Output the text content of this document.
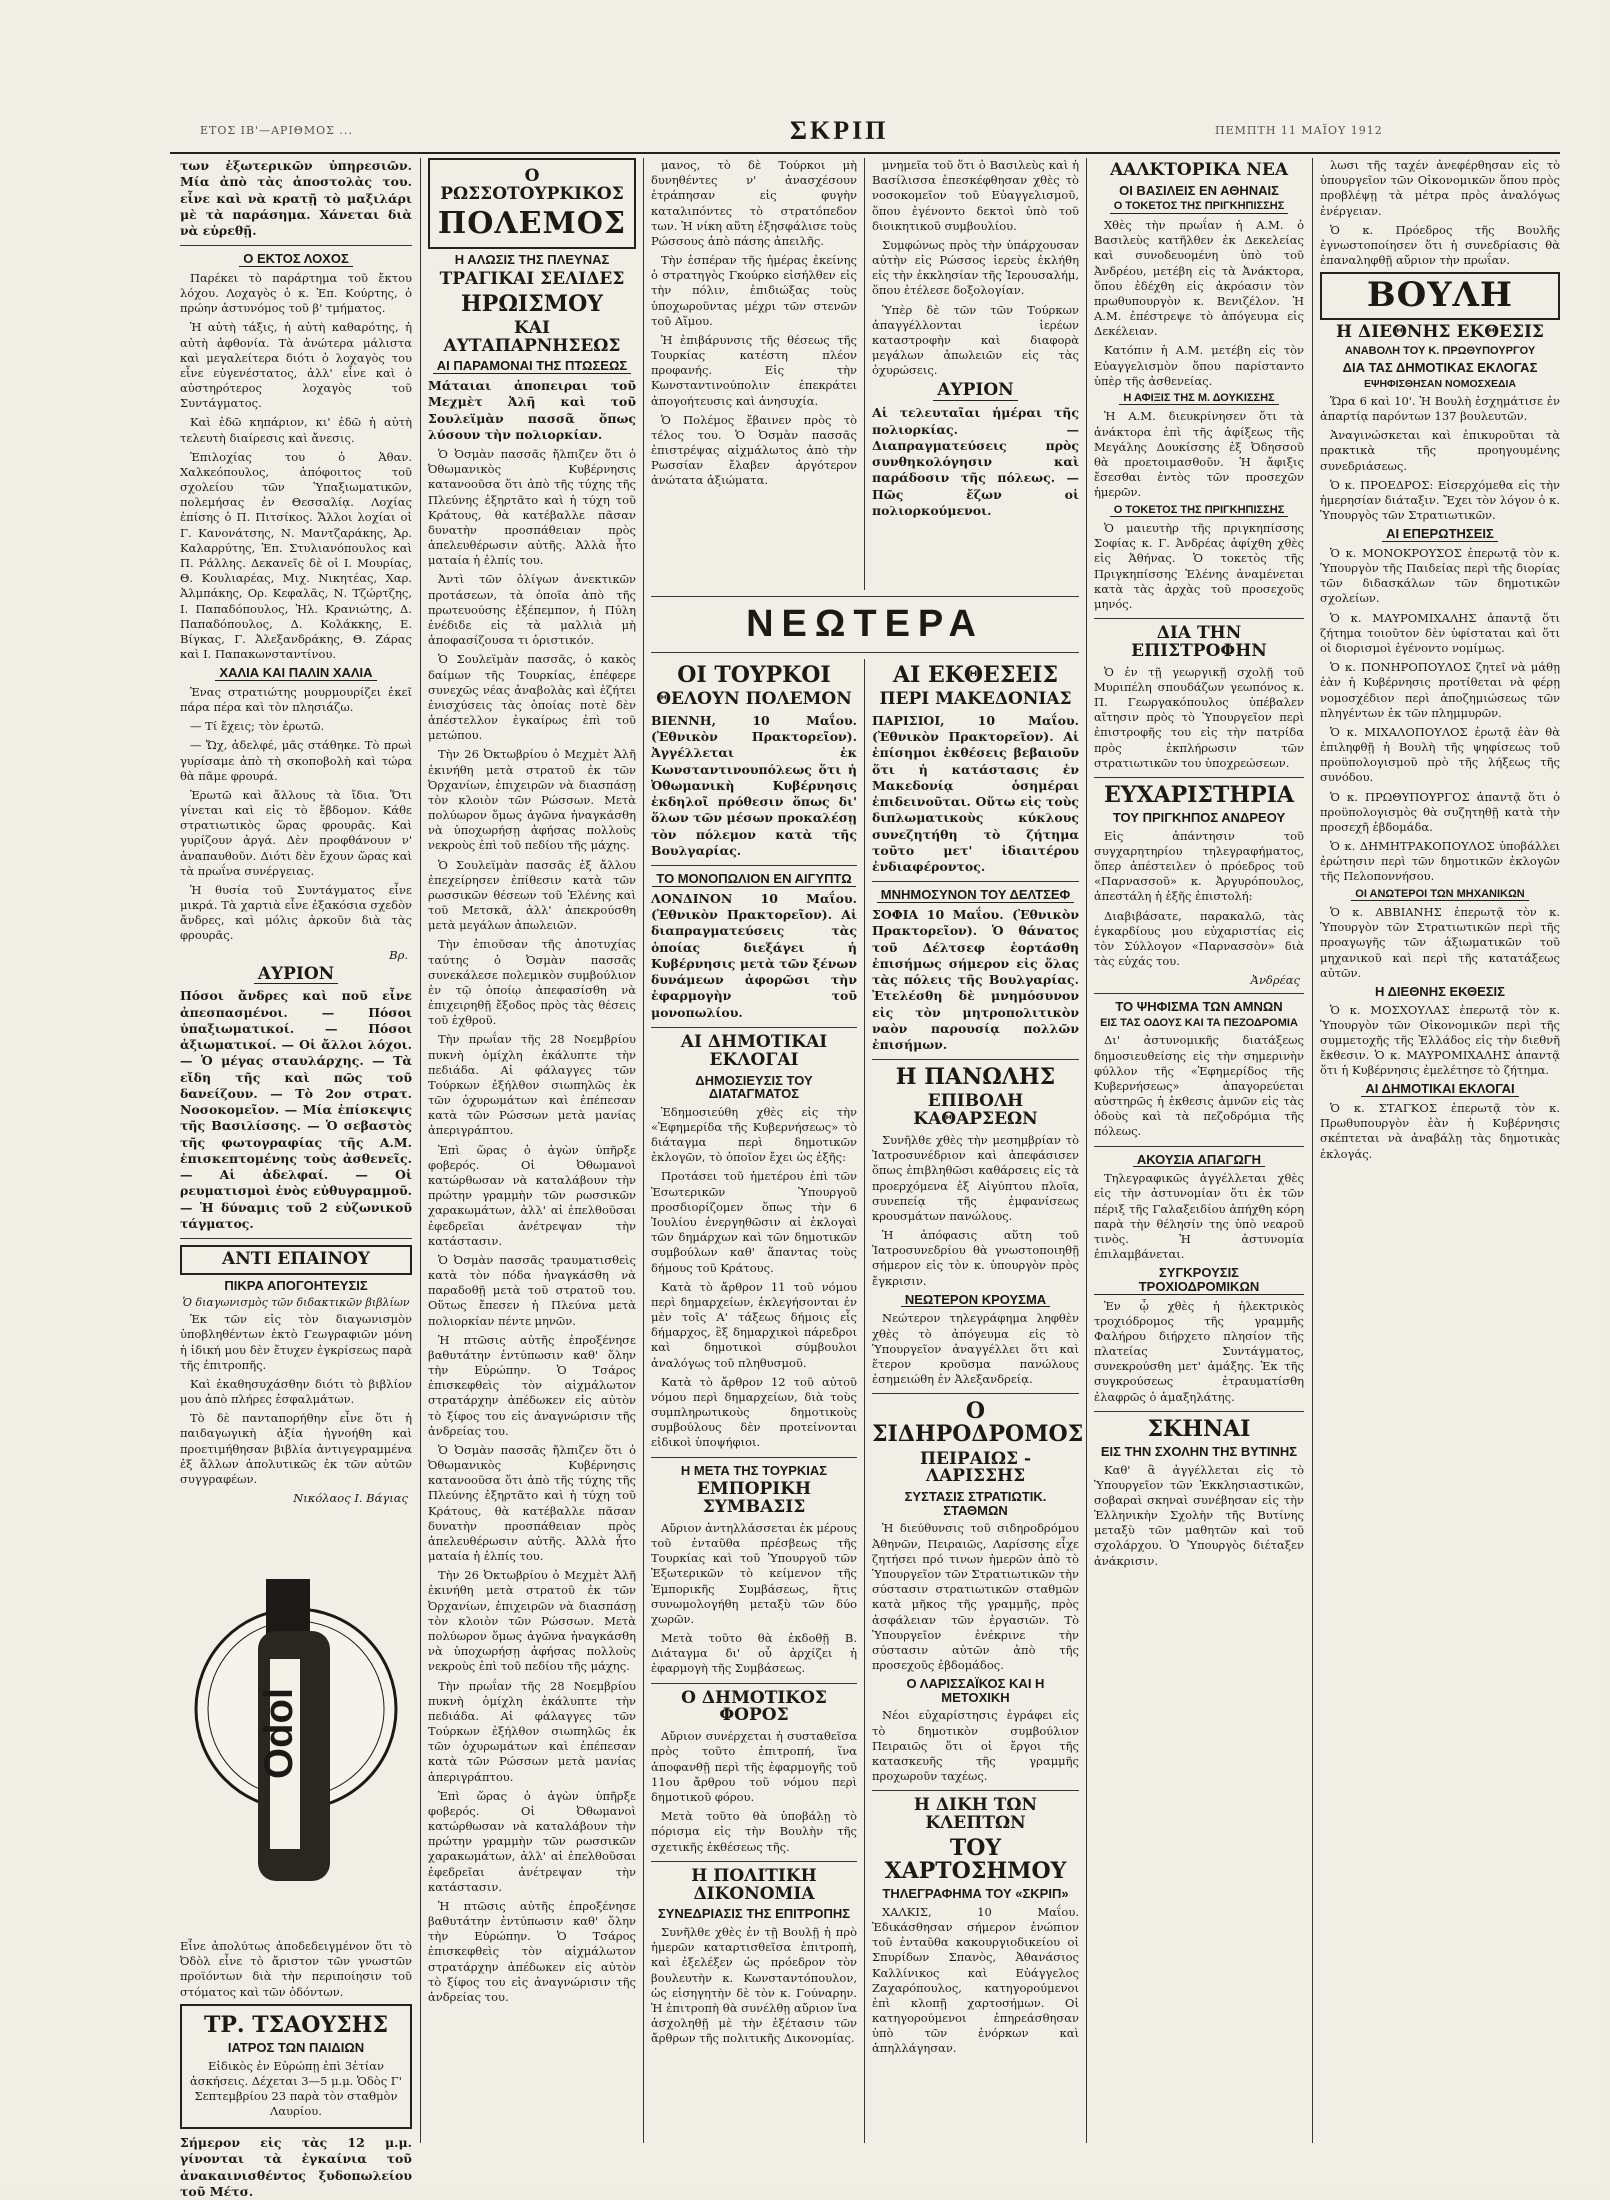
ΕΤΟΣ ΙΒ'—ΑΡΙΘΜΟΣ ...	ΣΚΡΙΠ	ΠΕΜΠΤΗ 11 ΜΑΪΟΥ 1912

των ἐξωτερικῶν ὑπηρεσιῶν. Μία ἀπὸ τὰς ἀποστολὰς του. εἶνε καὶ νὰ κρατῇ τὸ μαξιλάρι μὲ τὰ παράσημα. Χάνεται διὰ νὰ εὑρεθῇ.

Ο ΕΚΤΟΣ ΛΟΧΟΣ

Παρέκει τὸ παράρτημα τοῦ ἔκτου λόχου. Λοχαγὸς ὁ κ. Ἐπ. Κούρτης, ὁ πρώην ἀστυνόμος τοῦ β' τμήματος.

Ἡ αὐτὴ τάξις, ἡ αὐτὴ καθαρότης, ἡ αὐτὴ ἀφθονία. Τὰ ἀνώτερα μάλιστα καὶ μεγαλείτερα διότι ὁ λοχαγὸς του εἶνε εὐγενέστατος, ἀλλ' εἶνε καὶ ὁ αὐστηρότερος λοχαγὸς τοῦ Συντάγματος.

Καὶ ἐδῶ κηπάριον, κι' ἐδῶ ἡ αὐτὴ τελευτὴ διαίρεσις καὶ ἄνεσις.

Ἐπιλοχίας του ὁ Ἀθαν. Χαλκεόπουλος, ἀπόφοιτος τοῦ σχολείου τῶν Ὑπαξιωματικῶν, πολεμήσας ἐν Θεσσαλίᾳ. Λοχίας ἐπίσης ὁ Π. Πιτσίκος. Ἄλλοι λοχίαι οἱ Γ. Κανονάτσης, Ν. Μαντζαράκης, Ἀρ. Καλαρρύτης, Ἐπ. Στυλιανόπουλος καὶ Π. Ράλλης. Δεκανεῖς δὲ οἱ Ι. Μουρίας, Θ. Κουλιαρέας, Μιχ. Νικητέας, Χαρ. Ἀλμπάκης, Ορ. Κεφαλᾶς, Ν. Τζώρτζης, Ι. Παπαδόπουλος, Ἠλ. Κρανιώτης, Δ. Παπαδόπουλος, Δ. Κολάκκης, Ε. Βίγκας, Γ. Ἀλεξανδράκης, Θ. Ζάρας καὶ Ι. Παπακωνσταντίνου.

ΧΑΛΙΑ ΚΑΙ ΠΑΛΙΝ ΧΑΛΙΑ

Ἐνας στρατιώτης μουρμουρίζει ἐκεῖ πάρα πέρα καὶ τὸν πλησιάζω.

— Τί ἔχεις; τὸν ἐρωτῶ.

— Ὤχ, ἀδελφέ, μᾶς στάθηκε. Τὸ πρωὶ γυρίσαμε ἀπὸ τὴ σκοποβολὴ καὶ τώρα θὰ πᾶμε φρουρά.

Ἐρωτῶ καὶ ἄλλους τὰ ἴδια. Ὅτι γίνεται καὶ εἰς τὸ ἔβδομον. Κάθε στρατιωτικὸς ὥρας φρουρᾶς. Καὶ γυρίζουν ἀργά. Δὲν προφθάνουν ν' ἀναπαυθοῦν. Διότι δὲν ἔχουν ὥρας καὶ τὰ πρωΐνα συνέργειας.

Ἡ θυσία τοῦ Συντάγματος εἶνε μικρά. Τὰ χαρτιὰ εἶνε ἐξακόσια σχεδὸν ἄνδρες, καὶ μόλις ἀρκοῦν διὰ τὰς φρουρᾶς.

Βρ.
ΑΥΡΙΟΝ

Πόσοι ἄνδρες καὶ ποῦ εἶνε ἀπεσπασμένοι. — Πόσοι ὑπαξιωματικοί. — Πόσοι ἀξιωματικοί. — Οἱ ἄλλοι λόχοι. — Ὁ μέγας σταυλάρχης. — Τὰ εἴδη τῆς καὶ πῶς τοῦ δανείζουν. — Τὸ 2ον στρατ. Νοσοκομεῖον. — Μία ἐπίσκεψις τῆς Βασιλίσσης. — Ὁ σεβαστὸς τῆς φωτογραφίας τῆς Α.Μ. ἐπισκεπτομένης τοὺς ἀσθενεῖς. — Αἱ ἀδελφαί. — Οἱ ρευματισμοὶ ἑνὸς εὐθυγραμμοῦ. — Ἡ δύναμις τοῦ 2 εὐζωνικοῦ τάγματος.

ΑΝΤΙ ΕΠΑΙΝΟΥ
ΠΙΚΡΑ ΑΠΟΓΟΗΤΕΥΣΙΣ
Ὁ διαγωνισμὸς τῶν διδακτικῶν βιβλίων

Ἐκ τῶν εἰς τὸν διαγωνισμὸν ὑποβληθέντων ἐκτὸ Γεωγραφιῶν μόνη ἡ ἰδική μου δὲν ἔτυχεν ἐγκρίσεως παρὰ τῆς ἐπιτροπῆς.

Καὶ ἐκαθησυχάσθην διότι τὸ βιβλίον μου ἀπὸ πλήρες ἐσφαλμάτων.

Τὸ δὲ πανταπορήθην εἶνε ὅτι ἡ παιδαγωγικὴ ἀξία ἠγνοήθη καὶ προετιμήθησαν βιβλία ἀντιγεγραμμένα ἐξ ἄλλων ἀπολυτικῶς ἐκ τῶν αὐτῶν συγγραφέων.

Νικόλαος Ι. Βάγιας
Odol

Εἶνε ἀπολύτως ἀποδεδειγμένον ὅτι τὸ Ὀδὸλ εἶνε τὸ ἄριστον τῶν γνωστῶν προϊόντων διὰ τὴν περιποίησιν τοῦ στόματος καὶ τῶν ὀδόντων.

ΤΡ. ΤΣΑΟΥΣΗΣ
ΙΑΤΡΟΣ ΤΩΝ ΠΑΙΔΙΩΝ

Εἰδικὸς ἐν Εὐρώπῃ ἐπὶ 3ἐτίαν ἀσκήσεις. Δέχεται 3—5 μ.μ. Ὁδὸς Γ' Σεπτεμβρίου 23 παρὰ τὸν σταθμὸν Λαυρίου.

Σήμερον εἰς τὰς 12 μ.μ. γίνονται τὰ ἐγκαίνια τοῦ ἀνακαινισθέντος ξυδοπωλείου τοῦ Μέτσ.

Ο ΡΩΣΣΟΤΟΥΡΚΙΚΟΣ
ΠΟΛΕΜΟΣ
Η ΑΛΩΣΙΣ ΤΗΣ ΠΛΕΥΝΑΣ
ΤΡΑΓΙΚΑΙ ΣΕΛΙΔΕΣ
ΗΡΩΙΣΜΟΥ
ΚΑΙ ΑΥΤΑΠΑΡΝΗΣΕΩΣ
ΑΙ ΠΑΡΑΜΟΝΑΙ ΤΗΣ ΠΤΩΣΕΩΣ

Μάταιαι ἀποπειραι τοῦ Μεχμὲτ Ἀλῆ καὶ τοῦ Σουλεϊμὰν πασσᾶ ὅπως λύσουν τὴν πολιορκίαν.

Ὁ Ὀσμὰν πασσᾶς ἤλπιζεν ὅτι ὁ Ὀθωμανικὸς Κυβέρνησις κατανοοῦσα ὅτι ἀπὸ τῆς τύχης τῆς Πλεύνης ἐξηρτᾶτο καὶ ἡ τύχη τοῦ Κράτους, θὰ κατέβαλλε πᾶσαν δυνατὴν προσπάθειαν πρὸς ἀπελευθέρωσιν αὐτῆς. Ἀλλὰ ἦτο ματαία ἡ ἐλπίς του.

Ἀντὶ τῶν ὀλίγων ἀνεκτικῶν προτάσεων, τὰ ὁποῖα ἀπὸ τῆς πρωτευούσης ἐξέπεμπον, ἡ Πύλη ἐνέδιδε εἰς τὰ μαλλιὰ μὴ ἀποφασίζουσα τι ὁριστικόν.

Ὁ Σουλεϊμὰν πασσᾶς, ὁ κακὸς δαίμων τῆς Τουρκίας, ἐπέφερε συνεχῶς νέας ἀναβολὰς καὶ ἐζήτει ἐνισχύσεις τὰς ὁποίας ποτὲ δὲν ἀπέστελλον ἐγκαίρως ἐπὶ τοῦ μετώπου.

Τὴν 26 Ὀκτωβρίου ὁ Μεχμὲτ Ἀλῆ ἐκινήθη μετὰ στρατοῦ ἐκ τῶν Ὀρχανίων, ἐπιχειρῶν νὰ διασπάσῃ τὸν κλοιὸν τῶν Ρώσσων. Μετὰ πολύωρον ὅμως ἀγῶνα ἠναγκάσθη νὰ ὑποχωρήσῃ ἀφήσας πολλοὺς νεκροὺς ἐπὶ τοῦ πεδίου τῆς μάχης.

Ὁ Σουλεϊμὰν πασσᾶς ἐξ ἄλλου ἐπεχείρησεν ἐπίθεσιν κατὰ τῶν ρωσσικῶν θέσεων τοῦ Ἐλένης καὶ τοῦ Μετσκᾶ, ἀλλ' ἀπεκρούσθη μετὰ μεγάλων ἀπωλειῶν.

Τὴν ἐπιοῦσαν τῆς ἀποτυχίας ταύτης ὁ Ὀσμὰν πασσᾶς συνεκάλεσε πολεμικὸν συμβούλιον ἐν τῷ ὁποίῳ ἀπεφασίσθη νὰ ἐπιχειρηθῇ ἔξοδος πρὸς τὰς θέσεις τοῦ ἐχθροῦ.

Τὴν πρωΐαν τῆς 28 Νοεμβρίου πυκνὴ ὁμίχλη ἐκάλυπτε τὴν πεδιάδα. Αἱ φάλαγγες τῶν Τούρκων ἐξήλθον σιωπηλῶς ἐκ τῶν ὀχυρωμάτων καὶ ἐπέπεσαν κατὰ τῶν Ρώσσων μετὰ μανίας ἀπεριγράπτου.

Ἐπὶ ὥρας ὁ ἀγὼν ὑπῆρξε φοβερός. Οἱ Ὀθωμανοὶ κατώρθωσαν νὰ καταλάβουν τὴν πρώτην γραμμὴν τῶν ρωσσικῶν χαρακωμάτων, ἀλλ' αἱ ἐπελθοῦσαι ἐφεδρεῖαι ἀνέτρεψαν τὴν κατάστασιν.

Ὁ Ὀσμὰν πασσᾶς τραυματισθεὶς κατὰ τὸν πόδα ἠναγκάσθη νὰ παραδοθῇ μετὰ τοῦ στρατοῦ του. Οὕτως ἔπεσεν ἡ Πλεύνα μετὰ πολιορκίαν πέντε μηνῶν.

Ἡ πτῶσις αὐτῆς ἐπροξένησε βαθυτάτην ἐντύπωσιν καθ' ὅλην τὴν Εὐρώπην. Ὁ Τσάρος ἐπισκεφθεὶς τὸν αἰχμάλωτον στρατάρχην ἀπέδωκεν εἰς αὐτὸν τὸ ξίφος του εἰς ἀναγνώρισιν τῆς ἀνδρείας του.

Ὁ Ὀσμὰν πασσᾶς ἤλπιζεν ὅτι ὁ Ὀθωμανικὸς Κυβέρνησις κατανοοῦσα ὅτι ἀπὸ τῆς τύχης τῆς Πλεύνης ἐξηρτᾶτο καὶ ἡ τύχη τοῦ Κράτους, θὰ κατέβαλλε πᾶσαν δυνατὴν προσπάθειαν πρὸς ἀπελευθέρωσιν αὐτῆς. Ἀλλὰ ἦτο ματαία ἡ ἐλπίς του.

Τὴν 26 Ὀκτωβρίου ὁ Μεχμὲτ Ἀλῆ ἐκινήθη μετὰ στρατοῦ ἐκ τῶν Ὀρχανίων, ἐπιχειρῶν νὰ διασπάσῃ τὸν κλοιὸν τῶν Ρώσσων. Μετὰ πολύωρον ὅμως ἀγῶνα ἠναγκάσθη νὰ ὑποχωρήσῃ ἀφήσας πολλοὺς νεκροὺς ἐπὶ τοῦ πεδίου τῆς μάχης.

Τὴν πρωΐαν τῆς 28 Νοεμβρίου πυκνὴ ὁμίχλη ἐκάλυπτε τὴν πεδιάδα. Αἱ φάλαγγες τῶν Τούρκων ἐξήλθον σιωπηλῶς ἐκ τῶν ὀχυρωμάτων καὶ ἐπέπεσαν κατὰ τῶν Ρώσσων μετὰ μανίας ἀπεριγράπτου.

Ἐπὶ ὥρας ὁ ἀγὼν ὑπῆρξε φοβερός. Οἱ Ὀθωμανοὶ κατώρθωσαν νὰ καταλάβουν τὴν πρώτην γραμμὴν τῶν ρωσσικῶν χαρακωμάτων, ἀλλ' αἱ ἐπελθοῦσαι ἐφεδρεῖαι ἀνέτρεψαν τὴν κατάστασιν.

Ἡ πτῶσις αὐτῆς ἐπροξένησε βαθυτάτην ἐντύπωσιν καθ' ὅλην τὴν Εὐρώπην. Ὁ Τσάρος ἐπισκεφθεὶς τὸν αἰχμάλωτον στρατάρχην ἀπέδωκεν εἰς αὐτὸν τὸ ξίφος του εἰς ἀναγνώρισιν τῆς ἀνδρείας του.

μανος, τὸ δὲ Τούρκοι μὴ δυνηθέντες ν' ἀνασχέσουν ἐτράπησαν εἰς φυγὴν καταλιπόντες τὸ στρατόπεδον των. Ἡ νίκη αὕτη ἐξησφάλισε τοὺς Ρώσσους ἀπὸ πάσης ἀπειλῆς.

Τὴν ἑσπέραν τῆς ἡμέρας ἐκείνης ὁ στρατηγὸς Γκούρκο εἰσήλθεν εἰς τὴν πόλιν, ἐπιδιώξας τοὺς ὑποχωροῦντας μέχρι τῶν στενῶν τοῦ Αἵμου.

Ἡ ἐπιβάρυνσις τῆς θέσεως τῆς Τουρκίας κατέστη πλέον προφανής. Εἰς τὴν Κωνσταντινούπολιν ἐπεκράτει ἀπογοήτευσις καὶ ἀνησυχία.

Ὁ Πολέμος ἔβαινεν πρὸς τὸ τέλος του. Ὁ Ὀσμὰν πασσᾶς ἐπιστρέψας αἰχμάλωτος ἀπὸ τὴν Ρωσσίαν ἔλαβεν ἀργότερον ἀνώτατα ἀξιώματα.

ΝΕΩΤΕΡΑ
ΟΙ ΤΟΥΡΚΟΙ
ΘΕΛΟΥΝ ΠΟΛΕΜΟΝ

ΒΙΕΝΝΗ, 10 Μαΐου. (Ἐθνικὸν Πρακτορεῖον). Ἀγγέλλεται ἐκ Κωνσταντινουπόλεως ὅτι ἡ Ὀθωμανικὴ Κυβέρνησις ἐκδηλοῖ πρόθεσιν ὅπως δι' ὅλων τῶν μέσων προκαλέσῃ τὸν πόλεμον κατὰ τῆς Βουλγαρίας.

ΤΟ ΜΟΝΟΠΩΛΙΟΝ ΕΝ ΑΙΓΥΠΤΩ

ΛΟΝΔΙΝΟΝ 10 Μαΐου. (Ἐθνικὸν Πρακτορεῖον). Αἱ διαπραγματεύσεις τὰς ὁποίας διεξάγει ἡ Κυβέρνησις μετὰ τῶν ξένων δυνάμεων ἀφορῶσι τὴν ἐφαρμογὴν τοῦ μονοπωλίου.

ΑΙ ΔΗΜΟΤΙΚΑΙ ΕΚΛΟΓΑΙ
ΔΗΜΟΣΙΕΥΣΙΣ ΤΟΥ ΔΙΑΤΑΓΜΑΤΟΣ

Ἐδημοσιεύθη χθὲς εἰς τὴν «Ἐφημερίδα τῆς Κυβερνήσεως» τὸ διάταγμα περὶ δημοτικῶν ἐκλογῶν, τὸ ὁποῖον ἔχει ὡς ἑξῆς:

Προτάσει τοῦ ἡμετέρου ἐπὶ τῶν Ἐσωτερικῶν Ὑπουργοῦ προσδιορίζομεν ὅπως τὴν 6 Ἰουλίου ἐνεργηθῶσιν αἱ ἐκλογαὶ τῶν δημάρχων καὶ τῶν δημοτικῶν συμβούλων καθ' ἅπαντας τοὺς δήμους τοῦ Κράτους.

Κατὰ τὸ ἄρθρον 11 τοῦ νόμου περὶ δημαρχείων, ἐκλεγήσονται ἐν μὲν τοῖς Α' τάξεως δήμοις εἷς δήμαρχος, ἓξ δημαρχικοὶ πάρεδροι καὶ δημοτικοὶ σύμβουλοι ἀναλόγως τοῦ πληθυσμοῦ.

Κατὰ τὸ ἄρθρον 12 τοῦ αὐτοῦ νόμου περὶ δημαρχείων, διὰ τοὺς συμπληρωτικοὺς δημοτικοὺς συμβούλους δὲν προτείνονται εἰδικοὶ ὑποψήφιοι.

Η ΜΕΤΑ ΤΗΣ ΤΟΥΡΚΙΑΣ
ΕΜΠΟΡΙΚΗ ΣΥΜΒΑΣΙΣ

Αὔριον ἀντηλλάσσεται ἐκ μέρους τοῦ ἐνταῦθα πρέσβεως τῆς Τουρκίας καὶ τοῦ Ὑπουργοῦ τῶν Ἐξωτερικῶν τὸ κείμενον τῆς Ἐμπορικῆς Συμβάσεως, ἥτις συνωμολογήθη μεταξὺ τῶν δύο χωρῶν.

Μετὰ τοῦτο θὰ ἐκδοθῇ Β. Διάταγμα δι' οὗ ἀρχίζει ἡ ἐφαρμογὴ τῆς Συμβάσεως.

Ο ΔΗΜΟΤΙΚΟΣ ΦΟΡΟΣ

Αὔριον συνέρχεται ἡ συσταθεῖσα πρὸς τοῦτο ἐπιτροπή, ἵνα ἀποφανθῇ περὶ τῆς ἐφαρμογῆς τοῦ 11ου ἄρθρου τοῦ νόμου περὶ δημοτικοῦ φόρου.

Μετὰ τοῦτο θὰ ὑποβάλῃ τὸ πόρισμα εἰς τὴν Βουλὴν τῆς σχετικῆς ἐκθέσεως τῆς.

Η ΠΟΛΙΤΙΚΗ ΔΙΚΟΝΟΜΙΑ
ΣΥΝΕΔΡΙΑΣΙΣ ΤΗΣ ΕΠΙΤΡΟΠΗΣ

Συνῆλθε χθὲς ἐν τῇ Βουλῇ ἡ πρὸ ἡμερῶν καταρτισθεῖσα ἐπιτροπὴ, καὶ ἐξελέξεν ὡς πρόεδρον τὸν βουλευτὴν κ. Κωνσταντόπουλον, ὡς εἰσηγητὴν δὲ τὸν κ. Γούναρην. Ἡ ἐπιτροπὴ θὰ συνέλθῃ αὔριον ἵνα ἀσχοληθῇ μὲ τὴν ἐξέτασιν τῶν ἄρθρων τῆς πολιτικῆς Δικονομίας.

μνημεῖα τοῦ ὅτι ὁ Βασιλεὺς καὶ ἡ Βασίλισσα ἐπεσκέφθησαν χθὲς τὸ νοσοκομεῖον τοῦ Εὐαγγελισμοῦ, ὅπου ἐγένοντο δεκτοὶ ὑπὸ τοῦ διοικητικοῦ συμβουλίου.

Συμφώνως πρὸς τὴν ὑπάρχουσαν αὐτὴν εἰς Ρώσσος ἱερεὺς ἐκλήθη εἰς τὴν ἐκκλησίαν τῆς Ἱερουσαλήμ, ὅπου ἐτέλεσε δοξολογίαν.

Ὑπὲρ δὲ τῶν τῶν Τούρκων ἀπαγγέλλονται ἱερέων καταστροφὴν καὶ διαφορὰ μεγάλων ἀπωλειῶν εἰς τὰς ὀχυρώσεις.

ΑΥΡΙΟΝ

Αἱ τελευταῖαι ἡμέραι τῆς πολιορκίας. — Διαπραγματεύσεις πρὸς συνθηκολόγησιν καὶ παράδοσιν τῆς πόλεως. — Πῶς ἔζων οἱ πολιορκούμενοι.

ΑΙ ΕΚΘΕΣΕΙΣ
ΠΕΡΙ ΜΑΚΕΔΟΝΙΑΣ

ΠΑΡΙΣΙΟΙ, 10 Μαΐου. (Ἐθνικὸν Πρακτορεῖον). Αἱ ἐπίσημοι ἐκθέσεις βεβαιοῦν ὅτι ἡ κατάστασις ἐν Μακεδονίᾳ ὁσημέραι ἐπιδεινοῦται. Οὕτω εἰς τοὺς διπλωματικοὺς κύκλους συνεζητήθη τὸ ζήτημα τοῦτο μετ' ἰδιαιτέρου ἐνδιαφέροντος.

ΜΝΗΜΟΣΥΝΟΝ ΤΟΥ ΔΕΛΤΣΕΦ

ΣΟΦΙΑ 10 Μαΐου. (Ἐθνικὸν Πρακτορεῖον). Ὁ θάνατος τοῦ Δέλτσεφ ἑορτάσθη ἐπισήμως σήμερον εἰς ὅλας τὰς πόλεις τῆς Βουλγαρίας. Ἐτελέσθη δὲ μνημόσυνον εἰς τὸν μητροπολιτικὸν ναὸν παρουσίᾳ πολλῶν ἐπισήμων.

Η ΠΑΝΩΛΗΣ
ΕΠΙΒΟΛΗ ΚΑΘΑΡΣΕΩΝ

Συνῆλθε χθὲς τὴν μεσημβρίαν τὸ Ἰατροσυνέδριον καὶ ἀπεφάσισεν ὅπως ἐπιβληθῶσι καθάρσεις εἰς τὰ προερχόμενα ἐξ Αἰγύπτου πλοῖα, συνεπείᾳ τῆς ἐμφανίσεως κρουσμάτων πανώλους.

Ἡ ἀπόφασις αὕτη τοῦ Ἰατροσυνεδρίου θὰ γνωστοποιηθῇ σήμερον εἰς τὸν κ. ὑπουργὸν πρὸς ἔγκρισιν.

ΝΕΩΤΕΡΟΝ ΚΡΟΥΣΜΑ

Νεώτερον τηλεγράφημα ληφθὲν χθὲς τὸ ἀπόγευμα εἰς τὸ Ὑπουργεῖον ἀναγγέλλει ὅτι καὶ ἕτερον κροῦσμα πανώλους ἐσημειώθη ἐν Ἀλεξανδρείᾳ.

Ο ΣΙΔΗΡΟΔΡΟΜΟΣ
ΠΕΙΡΑΙΩΣ - ΛΑΡΙΣΣΗΣ
ΣΥΣΤΑΣΙΣ ΣΤΡΑΤΙΩΤΙΚ. ΣΤΑΘΜΩΝ

Ἡ διεύθυνσις τοῦ σιδηροδρόμου Ἀθηνῶν, Πειραιῶς, Λαρίσσης εἶχε ζητήσει πρό τινων ἡμερῶν ἀπὸ τὸ Ὑπουργεῖον τῶν Στρατιωτικῶν τὴν σύστασιν στρατιωτικῶν σταθμῶν κατὰ μῆκος τῆς γραμμῆς, πρὸς ἀσφάλειαν τῶν ἐργασιῶν. Τὸ Ὑπουργεῖον ἐνέκρινε τὴν σύστασιν αὐτῶν ἀπὸ τῆς προσεχοῦς ἑβδομάδος.

Ο ΛΑΡΙΣΣΑΪΚΟΣ ΚΑΙ Η ΜΕΤΟΧΙΚΗ

Νέοι εὐχαρίστησις ἐγράφει εἰς τὸ δημοτικὸν συμβούλιον Πειραιῶς ὅτι οἱ ἔργοι τῆς κατασκευῆς τῆς γραμμῆς προχωροῦν ταχέως.

Η ΔΙΚΗ ΤΩΝ ΚΛΕΠΤΩΝ
ΤΟΥ ΧΑΡΤΟΣΗΜΟΥ
ΤΗΛΕΓΡΑΦΗΜΑ ΤΟΥ «ΣΚΡΙΠ»

ΧΑΛΚΙΣ, 10 Μαΐου. Ἐδικάσθησαν σήμερον ἐνώπιον τοῦ ἐνταῦθα κακουργιοδικείου οἱ Σπυρίδων Σπανὸς, Ἀθανάσιος Καλλίνικος καὶ Εὐάγγελος Ζαχαρόπουλος, κατηγορούμενοι ἐπὶ κλοπῇ χαρτοσήμων. Οἱ κατηγορούμενοι ἐπηρεάσθησαν ὑπὸ τῶν ἐνόρκων καὶ ἀπηλλάγησαν.

ΑΑΛΚΤΟΡΙΚΑ ΝΕΑ
ΟΙ ΒΑΣΙΛΕΙΣ ΕΝ ΑΘΗΝΑΙΣ
Ο ΤΟΚΕΤΟΣ ΤΗΣ ΠΡΙΓΚΗΠΙΣΣΗΣ

Χθὲς τὴν πρωΐαν ἡ Α.Μ. ὁ Βασιλεὺς κατῆλθεν ἐκ Δεκελείας καὶ συνοδευομένη ὑπὸ τοῦ Ἀνδρέου, μετέβη εἰς τὰ Ἀνάκτορα, ὅπου ἐδέχθη εἰς ἀκρόασιν τὸν πρωθυπουργὸν κ. Βενιζέλον. Ἡ Α.Μ. ἐπέστρεψε τὸ ἀπόγευμα εἰς Δεκέλειαν.

Κατόπιν ἡ Α.Μ. μετέβη εἰς τὸν Εὐαγγελισμὸν ὅπου παρίσταντο ὑπὲρ τῆς ἀσθενείας.

Η ΑΦΙΞΙΣ ΤΗΣ Μ. ΔΟΥΚΙΣΣΗΣ

Ἡ Α.Μ. διευκρίνησεν ὅτι τὰ ἀνάκτορα ἐπὶ τῆς ἀφίξεως τῆς Μεγάλης Δουκίσσης ἐξ Ὀδησσοῦ θὰ προετοιμασθοῦν. Ἡ ἄφιξις ἔσεσθαι ἐντὸς τῶν προσεχῶν ἡμερῶν.

Ο ΤΟΚΕΤΟΣ ΤΗΣ ΠΡΙΓΚΗΠΙΣΣΗΣ

Ὁ μαιευτὴρ τῆς πριγκηπίσσης Σοφίας κ. Γ. Ἀνδρέας ἀφίχθη χθὲς εἰς Ἀθήνας. Ὁ τοκετὸς τῆς Πριγκηπίσσης Ἑλένης ἀναμένεται κατὰ τὰς ἀρχὰς τοῦ προσεχοῦς μηνός.

ΔΙΑ ΤΗΝ ΕΠΙΣΤΡΟΦΗΝ

Ὁ ἐν τῇ γεωργικῇ σχολῇ τοῦ Μυριπέλη σπουδάζων γεωπόνος κ. Π. Γεωργακόπουλος ὑπέβαλεν αἴτησιν πρὸς τὸ Ὑπουργεῖον περὶ ἐπιστροφῆς του εἰς τὴν πατρίδα πρὸς ἐκπλήρωσιν τῶν στρατιωτικῶν του ὑποχρεώσεων.

ΕΥΧΑΡΙΣΤΗΡΙΑ
ΤΟΥ ΠΡΙΓΚΗΠΟΣ ΑΝΔΡΕΟΥ

Εἰς ἀπάντησιν τοῦ συγχαρητηρίου τηλεγραφήματος, ὅπερ ἀπέστειλεν ὁ πρόεδρος τοῦ «Παρνασσοῦ» κ. Ἀργυρόπουλος, ἀπεστάλη ἡ ἑξῆς ἐπιστολή:

Διαβιβάσατε, παρακαλῶ, τὰς ἐγκαρδίους μου εὐχαριστίας εἰς τὸν Σύλλογον «Παρνασσὸν» διὰ τὰς εὐχάς του.

Ἀνδρέας
ΤΟ ΨΗΦΙΣΜΑ ΤΩΝ ΑΜΝΩΝ
ΕΙΣ ΤΑΣ ΟΔΟΥΣ ΚΑΙ ΤΑ ΠΕΖΟΔΡΟΜΙΑ

Δι' ἀστυνομικῆς διατάξεως δημοσιευθείσης εἰς τὴν σημερινὴν φύλλον τῆς «Ἐφημερίδος τῆς Κυβερνήσεως» ἀπαγορεύεται αὐστηρῶς ἡ ἐκθεσις ἀμνῶν εἰς τὰς ὁδοὺς καὶ τὰ πεζοδρόμια τῆς πόλεως.

ΑΚΟΥΣΙΑ ΑΠΑΓΩΓΗ

Τηλεγραφικῶς ἀγγέλλεται χθὲς εἰς τὴν ἀστυνομίαν ὅτι ἐκ τῶν πέριξ τῆς Γαλαξειδίου ἀπήχθη κόρη παρὰ τὴν θέλησίν της ὑπὸ νεαροῦ τινὸς. Ἡ ἀστυνομία ἐπιλαμβάνεται.

ΣΥΓΚΡΟΥΣΙΣ ΤΡΟΧΙΟΔΡΟΜΙΚΩΝ

Ἐν ᾧ χθὲς ἡ ἡλεκτρικὸς τροχιόδρομος τῆς γραμμῆς Φαλήρου διήρχετο πλησίον τῆς πλατείας Συντάγματος, συνεκρούσθη μετ' ἁμάξης. Ἐκ τῆς συγκρούσεως ἐτραυματίσθη ἐλαφρῶς ὁ ἁμαξηλάτης.

ΣΚΗΝΑΙ
ΕΙΣ ΤΗΝ ΣΧΟΛΗΝ ΤΗΣ ΒΥΤΙΝΗΣ

Καθ' ἃ ἀγγέλλεται εἰς τὸ Ὑπουργεῖον τῶν Ἐκκλησιαστικῶν, σοβαραὶ σκηναὶ συνέβησαν εἰς τὴν Ἑλληνικὴν Σχολὴν τῆς Βυτίνης μεταξὺ τῶν μαθητῶν καὶ τοῦ σχολάρχου. Ὁ Ὑπουργὸς διέταξεν ἀνάκρισιν.

λωσι τῆς ταχέν ἀνεφέρθησαν εἰς τὸ ὑπουργεῖον τῶν Οἰκονομικῶν ὅπου πρὸς προβλέψῃ τὰ μέτρα πρὸς ἀναλόγως ἐνέργειαν.

Ὁ κ. Πρόεδρος τῆς Βουλῆς ἐγνωστοποίησεν ὅτι ἡ συνεδρίασις θὰ ἐπαναληφθῇ αὔριον τὴν πρωΐαν.

ΒΟΥΛΗ
Η ΔΙΕΘΝΗΣ ΕΚΘΕΣΙΣ
ΑΝΑΒΟΛΗ ΤΟΥ Κ. ΠΡΩΘΥΠΟΥΡΓΟΥ
ΔΙΑ ΤΑΣ ΔΗΜΟΤΙΚΑΣ ΕΚΛΟΓΑΣ
ΕΨΗΦΙΣΘΗΣΑΝ ΝΟΜΟΣΧΕΔΙΑ

Ὥρα 6 καὶ 10'. Ἡ Βουλὴ ἐσχημάτισε ἐν ἀπαρτίᾳ παρόντων 137 βουλευτῶν.

Ἀναγινώσκεται καὶ ἐπικυροῦται τὰ πρακτικὰ τῆς προηγουμένης συνεδριάσεως.

Ὁ κ. ΠΡΟΕΔΡΟΣ: Εἰσερχόμεθα εἰς τὴν ἡμερησίαν διάταξιν. Ἔχει τὸν λόγον ὁ κ. Ὑπουργὸς τῶν Στρατιωτικῶν.

ΑΙ ΕΠΕΡΩΤΗΣΕΙΣ

Ὁ κ. ΜΟΝΟΚΡΟΥΣΟΣ ἐπερωτᾷ τὸν κ. Ὑπουργὸν τῆς Παιδείας περὶ τῆς διορίας τῶν διδασκάλων τῶν δημοτικῶν σχολείων.

Ὁ κ. ΜΑΥΡΟΜΙΧΑΛΗΣ ἀπαντᾷ ὅτι ζήτημα τοιοῦτον δὲν ὑφίσταται καὶ ὅτι οἱ διορισμοὶ ἐγένοντο νομίμως.

Ὁ κ. ΠΟΝΗΡΟΠΟΥΛΟΣ ζητεῖ νὰ μάθῃ ἐὰν ἡ Κυβέρνησις προτίθεται νὰ φέρῃ νομοσχέδιον περὶ ἀποζημιώσεως τῶν πληγέντων ἐκ τῶν πλημμυρῶν.

Ὁ κ. ΜΙΧΑΛΟΠΟΥΛΟΣ ἐρωτᾷ ἐὰν θὰ ἐπιληφθῇ ἡ Βουλὴ τῆς ψηφίσεως τοῦ προϋπολογισμοῦ πρὸ τῆς λήξεως τῆς συνόδου.

Ὁ κ. ΠΡΩΘΥΠΟΥΡΓΟΣ ἀπαντᾷ ὅτι ὁ προϋπολογισμὸς θὰ συζητηθῇ κατὰ τὴν προσεχῆ ἑβδομάδα.

Ὁ κ. ΔΗΜΗΤΡΑΚΟΠΟΥΛΟΣ ὑποβάλλει ἐρώτησιν περὶ τῶν δημοτικῶν ἐκλογῶν τῆς Πελοποννήσου.

ΟΙ ΑΝΩΤΕΡΟΙ ΤΩΝ ΜΗΧΑΝΙΚΩΝ

Ὁ κ. ΑΒΒΙΑΝΗΣ ἐπερωτᾷ τὸν κ. Ὑπουργὸν τῶν Στρατιωτικῶν περὶ τῆς προαγωγῆς τῶν ἀξιωματικῶν τοῦ μηχανικοῦ καὶ περὶ τῆς κατατάξεως αὐτῶν.

Η ΔΙΕΘΝΗΣ ΕΚΘΕΣΙΣ

Ὁ κ. ΜΟΣΧΟΥΛΑΣ ἐπερωτᾷ τὸν κ. Ὑπουργὸν τῶν Οἰκονομικῶν περὶ τῆς συμμετοχῆς τῆς Ἑλλάδος εἰς τὴν διεθνῆ ἔκθεσιν. Ὁ κ. ΜΑΥΡΟΜΙΧΑΛΗΣ ἀπαντᾷ ὅτι ἡ Κυβέρνησις ἐμελέτησε τὸ ζήτημα.

ΑΙ ΔΗΜΟΤΙΚΑΙ ΕΚΛΟΓΑΙ

Ὁ κ. ΣΤΑΓΚΟΣ ἐπερωτᾷ τὸν κ. Πρωθυπουργὸν ἐὰν ἡ Κυβέρνησις σκέπτεται νὰ ἀναβάλῃ τὰς δημοτικὰς ἐκλογάς.
